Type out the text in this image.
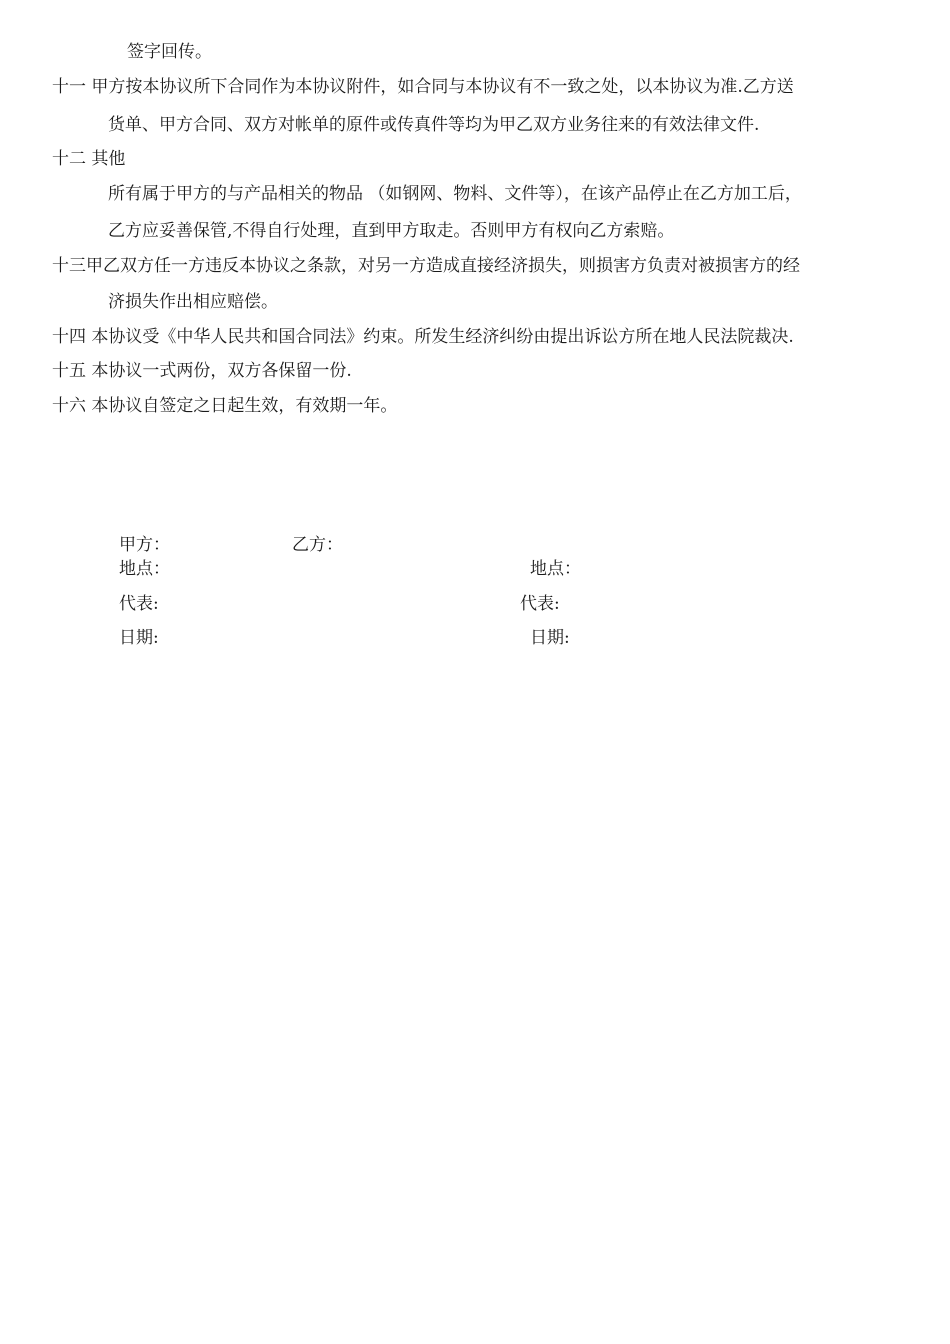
签字回传。
十一 甲方按本协议所下合同作为本协议附件，如合同与本协议有不一致之处，以本协议为准.乙方送
货单、甲方合同、双方对帐单的原件或传真件等均为甲乙双方业务往来的有效法律文件.
十二 其他
所有属于甲方的与产品相关的物品 （如钢网、物料、文件等），在该产品停止在乙方加工后，
乙方应妥善保管,不得自行处理，直到甲方取走。否则甲方有权向乙方索赔。
十三甲乙双方任一方违反本协议之条款，对另一方造成直接经济损失，则损害方负责对被损害方的经
济损失作出相应赔偿。
十四 本协议受《中华人民共和国合同法》约束。所发生经济纠纷由提出诉讼方所在地人民法院裁决.
十五 本协议一式两份，双方各保留一份.
十六 本协议自签定之日起生效，有效期一年。
甲方：	乙方：
地点：	地点：
代表:	代表:
日期:	日期:
